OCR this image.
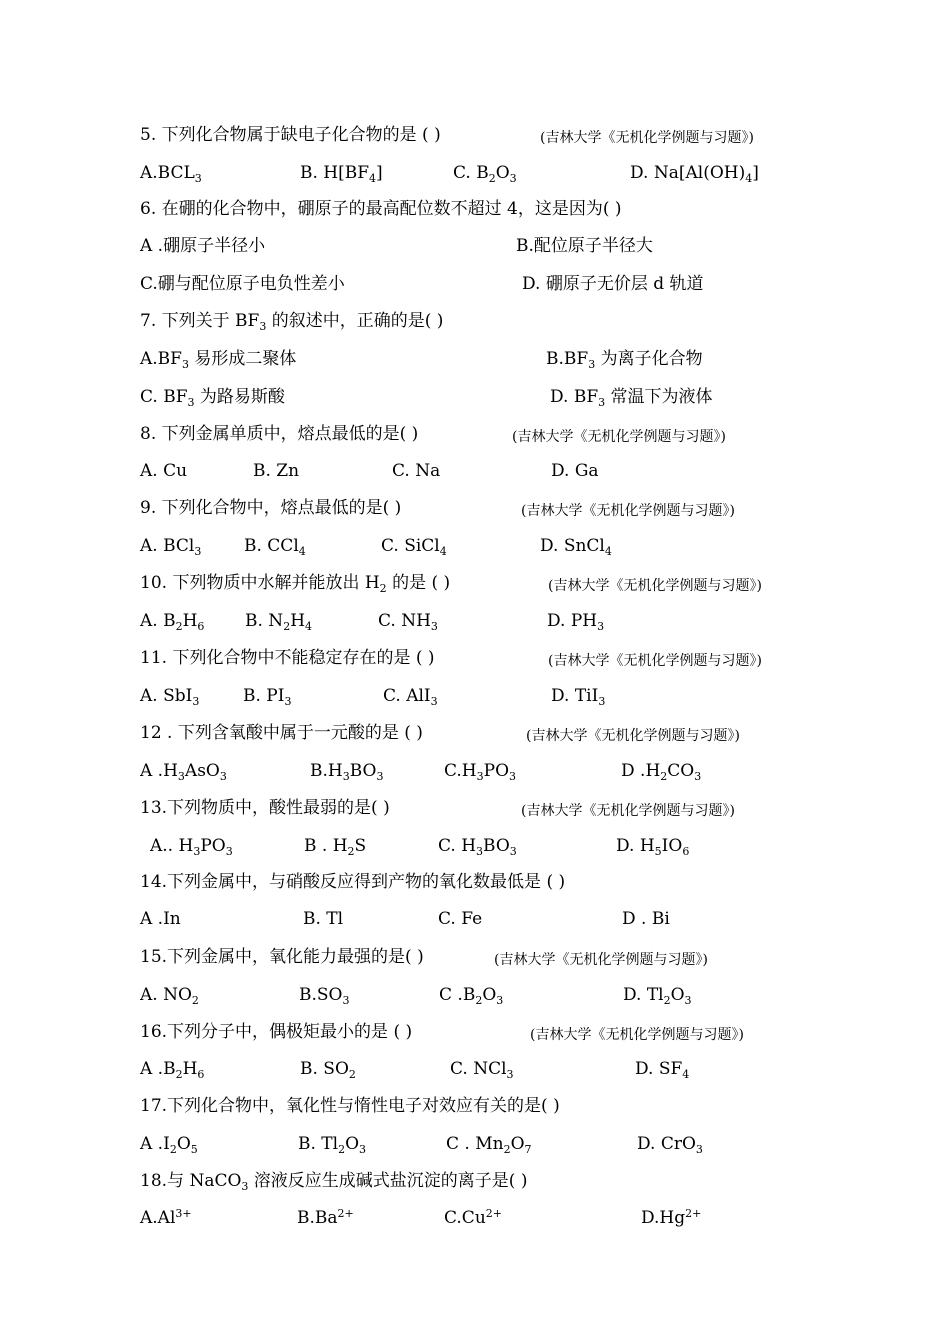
5. 下列化合物属于缺电子化合物的是 ( )	(吉林大学《无机化学例题与习题》)
$A.BCL_3$	B. $H[BF_4]$	C. $B_2O_3$	D. $Na[Al(OH)_4]$
6. 在硼的化合物中，硼原子的最高配位数不超过 4，这是因为( )
A .硼原子半径小	B.配位原子半径大
C.硼与配位原子电负性差小	D. 硼原子无价层 d 轨道
7. 下列关于 $BF_3$ 的叙述中，正确的是( )
$A.BF_3$ 易形成二聚体	$B.BF_3$ 为离子化合物
C. $BF_3$ 为路易斯酸	D. $BF_3$ 常温下为液体
8. 下列金属单质中，熔点最低的是( )	(吉林大学《无机化学例题与习题》)
A. Cu	B. Zn	C. Na	D. Ga
9. 下列化合物中，熔点最低的是( )	(吉林大学《无机化学例题与习题》)
A. BCl$_3$	B. CCl$_4$	C. SiCl$_4$	D. SnCl$_4$
10. 下列物质中水解并能放出 $H_2$ 的是 ( )	(吉林大学《无机化学例题与习题》)
A. $B_2H_6$ B. $N_2H_4$	C. $NH_3$	D. $PH_3$
11. 下列化合物中不能稳定存在的是 ( )	(吉林大学《无机化学例题与习题》)
A. SbI$_3$	B. $PI_3$	C. AlI$_3$	D. TiI$_3$
12 . 下列含氧酸中属于一元酸的是 ( )	(吉林大学《无机化学例题与习题》)
A $.H_3AsO_3$	$B.H_3BO_3$	$C.H_3PO_3$	D $.H_2CO_3$
13.下列物质中，酸性最弱的是( )	(吉林大学《无机化学例题与习题》)
A.. $H_3PO_3$	B . $H_2S$	C. $H_3BO_3$	D. $H_5IO_6$
14.下列金属中，与硝酸反应得到产物的氧化数最低是 ( )
A .In	B. Tl	C. Fe	D . Bi
15.下列金属中，氧化能力最强的是( )	(吉林大学《无机化学例题与习题》)
A. $NO_2$	$B.SO_3$	C $.B_2O_3$	D. $Tl_2O_3$
16.下列分子中，偶极矩最小的是 ( )	(吉林大学《无机化学例题与习题》)
A $.B_2H_6$	B. $SO_2$	C. NCl$_3$	D. $SF_4$
17.下列化合物中，氧化性与惰性电子对效应有关的是( )
A $.I_2O_5$	B. $Tl_2O_3$	C . $Mn_2O_7$	D. CrO$_3$
18.与 NaCO$_3$ 溶液反应生成碱式盐沉淀的离子是( )
$A.Al^{3+}$	$B.Ba^{2+}$	$C.Cu^{2+}$	$D.Hg^{2+}$
